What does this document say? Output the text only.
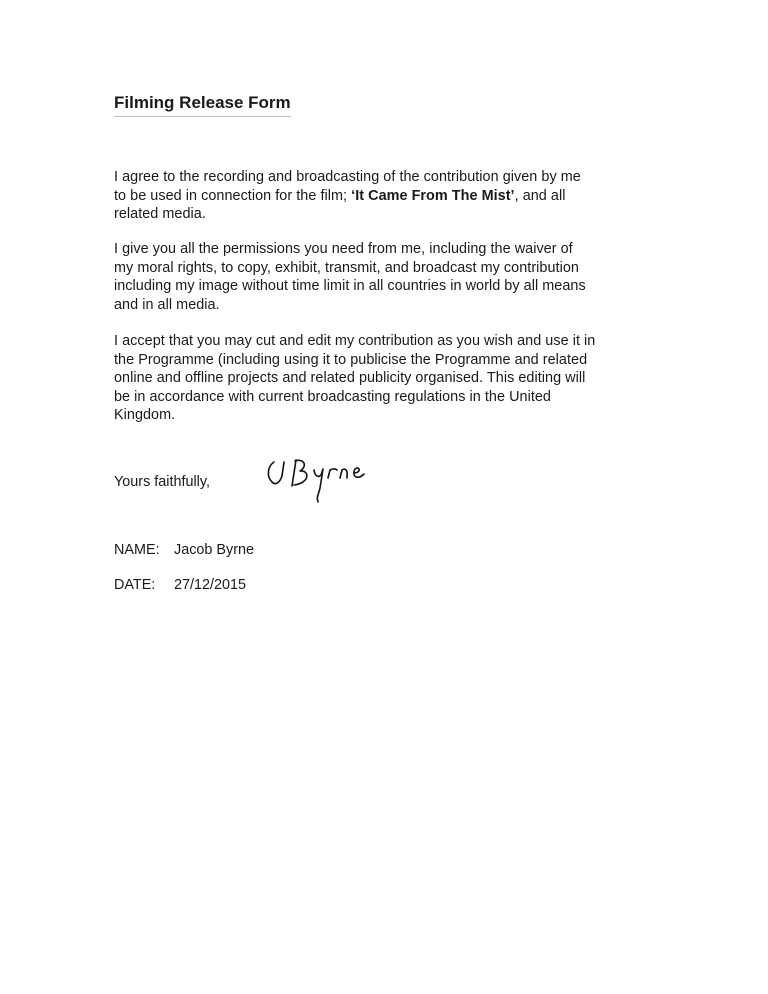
Filming Release Form

I agree to the recording and broadcasting of the contribution given by me
to be used in connection for the film; ‘It Came From The Mist’, and all
related media.

I give you all the permissions you need from me, including the waiver of
my moral rights, to copy, exhibit, transmit, and broadcast my contribution
including my image without time limit in all countries in world by all means
and in all media.

I accept that you may cut and edit my contribution as you wish and use it in
the Programme (including using it to publicise the Programme and related
online and offline projects and related publicity organised. This editing will
be in accordance with current broadcasting regulations in the United
Kingdom.

Yours faithfully,

NAME: Jacob Byrne

DATE: 27/12/2015
